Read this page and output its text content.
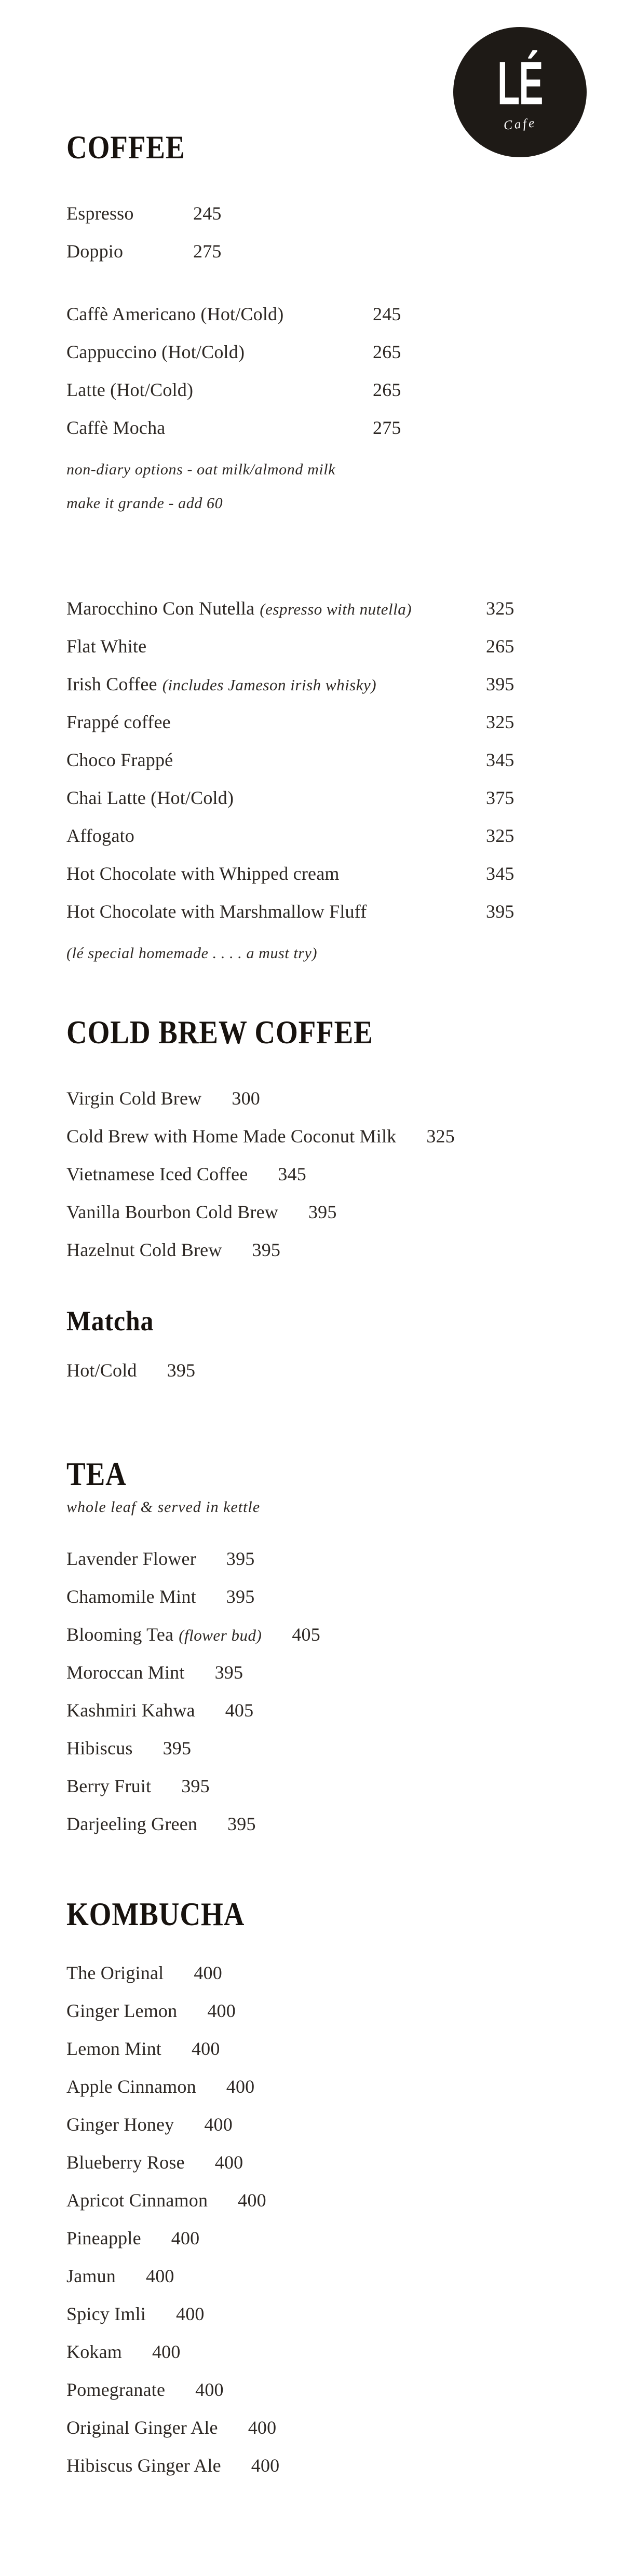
LÉ
Cafe
COFFEE
Espresso	245
Doppio	275
Caffè Americano (Hot/Cold)	245
Cappuccino (Hot/Cold)	265
Latte (Hot/Cold)	265
Caffè Mocha	275
non-diary options - oat milk/almond milk
make it grande - add 60
Marocchino Con Nutella (espresso with nutella)	325
Flat White	265
Irish Coffee (includes Jameson irish whisky)	395
Frappé coffee	325
Choco Frappé	345
Chai Latte (Hot/Cold)	375
Affogato	325
Hot Chocolate with Whipped cream	345
Hot Chocolate with Marshmallow Fluff	395
(lé special homemade . . . . a must try)
COLD BREW COFFEE
Virgin Cold Brew 300
Cold Brew with Home Made Coconut Milk 325
Vietnamese Iced Coffee 345
Vanilla Bourbon Cold Brew 395
Hazelnut Cold Brew 395
Matcha
Hot/Cold 395
TEA
whole leaf & served in kettle
Lavender Flower 395
Chamomile Mint 395
Blooming Tea (flower bud) 405
Moroccan Mint 395
Kashmiri Kahwa 405
Hibiscus 395
Berry Fruit 395
Darjeeling Green 395
KOMBUCHA
The Original 400
Ginger Lemon 400
Lemon Mint 400
Apple Cinnamon 400
Ginger Honey 400
Blueberry Rose 400
Apricot Cinnamon 400
Pineapple 400
Jamun 400
Spicy Imli 400
Kokam 400
Pomegranate 400
Original Ginger Ale 400
Hibiscus Ginger Ale 400
